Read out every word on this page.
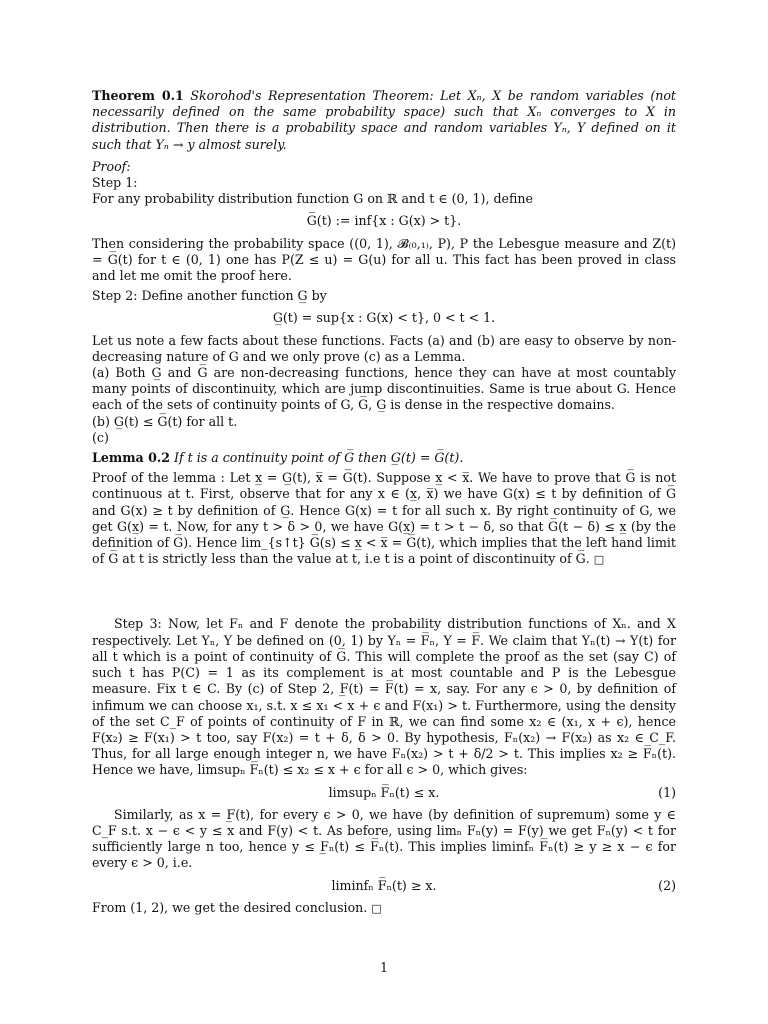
Theorem 0.1 Skorohod's Representation Theorem: Let Xₙ, X be random variables (not necessarily defined on the same probability space) such that Xₙ converges to X in distribution. Then there is a probability space and random variables Yₙ, Y defined on it such that Yₙ → y almost surely.

Proof:

Step 1:

For any probability distribution function G on ℝ and t ∈ (0, 1), define

G̅(t) := inf{x : G(x) > t}.

Then considering the probability space ((0, 1), 𝓑₍₀,₁₎, P), P the Lebesgue measure and Z(t) = G̅(t) for t ∈ (0, 1) one has P(Z ≤ u) = G(u) for all u. This fact has been proved in class and let me omit the proof here.

Step 2: Define another function G̲ by

G̲(t) = sup{x : G(x) < t}, 0 < t < 1.

Let us note a few facts about these functions. Facts (a) and (b) are easy to observe by non-decreasing nature of G and we only prove (c) as a Lemma.

(a) Both G̲ and G̅ are non-decreasing functions, hence they can have at most countably many points of discontinuity, which are jump discontinuities. Same is true about G. Hence each of the sets of continuity points of G, G̅, G̲ is dense in the respective domains.

(b) G̲(t) ≤ G̅(t) for all t.

(c)

Lemma 0.2 If t is a continuity point of G̅ then G̲(t) = G̅(t).

Proof of the lemma : Let x̲ = G̲(t), x̅ = G̅(t). Suppose x̲ < x̅. We have to prove that G̅ is not continuous at t. First, observe that for any x ∈ (x̲, x̅) we have G(x) ≤ t by definition of G̅ and G(x) ≥ t by definition of G̲. Hence G(x) = t for all such x. By right continuity of G, we get G(x̲) = t. Now, for any t > δ > 0, we have G(x̲) = t > t − δ, so that G̅(t − δ) ≤ x̲ (by the definition of G̅). Hence lim_{s↑t} G̅(s) ≤ x̲ < x̅ = G̅(t), which implies that the left hand limit of G̅ at t is strictly less than the value at t, i.e t is a point of discontinuity of G̅. □

Step 3: Now, let Fₙ and F denote the probability distribution functions of Xₙ. and X respectively. Let Yₙ, Y be defined on (0, 1) by Yₙ = F̅ₙ, Y = F̅. We claim that Yₙ(t) → Y(t) for all t which is a point of continuity of G̅. This will complete the proof as the set (say C) of such t has P(C) = 1 as its complement is at most countable and P is the Lebesgue measure. Fix t ∈ C. By (c) of Step 2, F̲(t) = F̅(t) = x, say. For any ϵ > 0, by definition of infimum we can choose x₁, s.t. x ≤ x₁ < x + ϵ and F(x₁) > t. Furthermore, using the density of the set C_F of points of continuity of F in ℝ, we can find some x₂ ∈ (x₁, x + ϵ), hence F(x₂) ≥ F(x₁) > t too, say F(x₂) = t + δ, δ > 0. By hypothesis, Fₙ(x₂) → F(x₂) as x₂ ∈ C_F. Thus, for all large enough integer n, we have Fₙ(x₂) > t + δ/2 > t. This implies x₂ ≥ F̅ₙ(t). Hence we have, limsupₙ F̅ₙ(t) ≤ x₂ ≤ x + ϵ for all ϵ > 0, which gives:

limsupₙ F̅ₙ(t) ≤ x.	(1)

Similarly, as x = F̲(t), for every ϵ > 0, we have (by definition of supremum) some y ∈ C_F s.t. x − ϵ < y ≤ x and F(y) < t. As before, using limₙ Fₙ(y) = F(y) we get Fₙ(y) < t for sufficiently large n too, hence y ≤ F̲ₙ(t) ≤ F̅ₙ(t). This implies liminfₙ F̅ₙ(t) ≥ y ≥ x − ϵ for every ϵ > 0, i.e.

liminfₙ F̅ₙ(t) ≥ x.	(2)

From (1, 2), we get the desired conclusion. □

1
